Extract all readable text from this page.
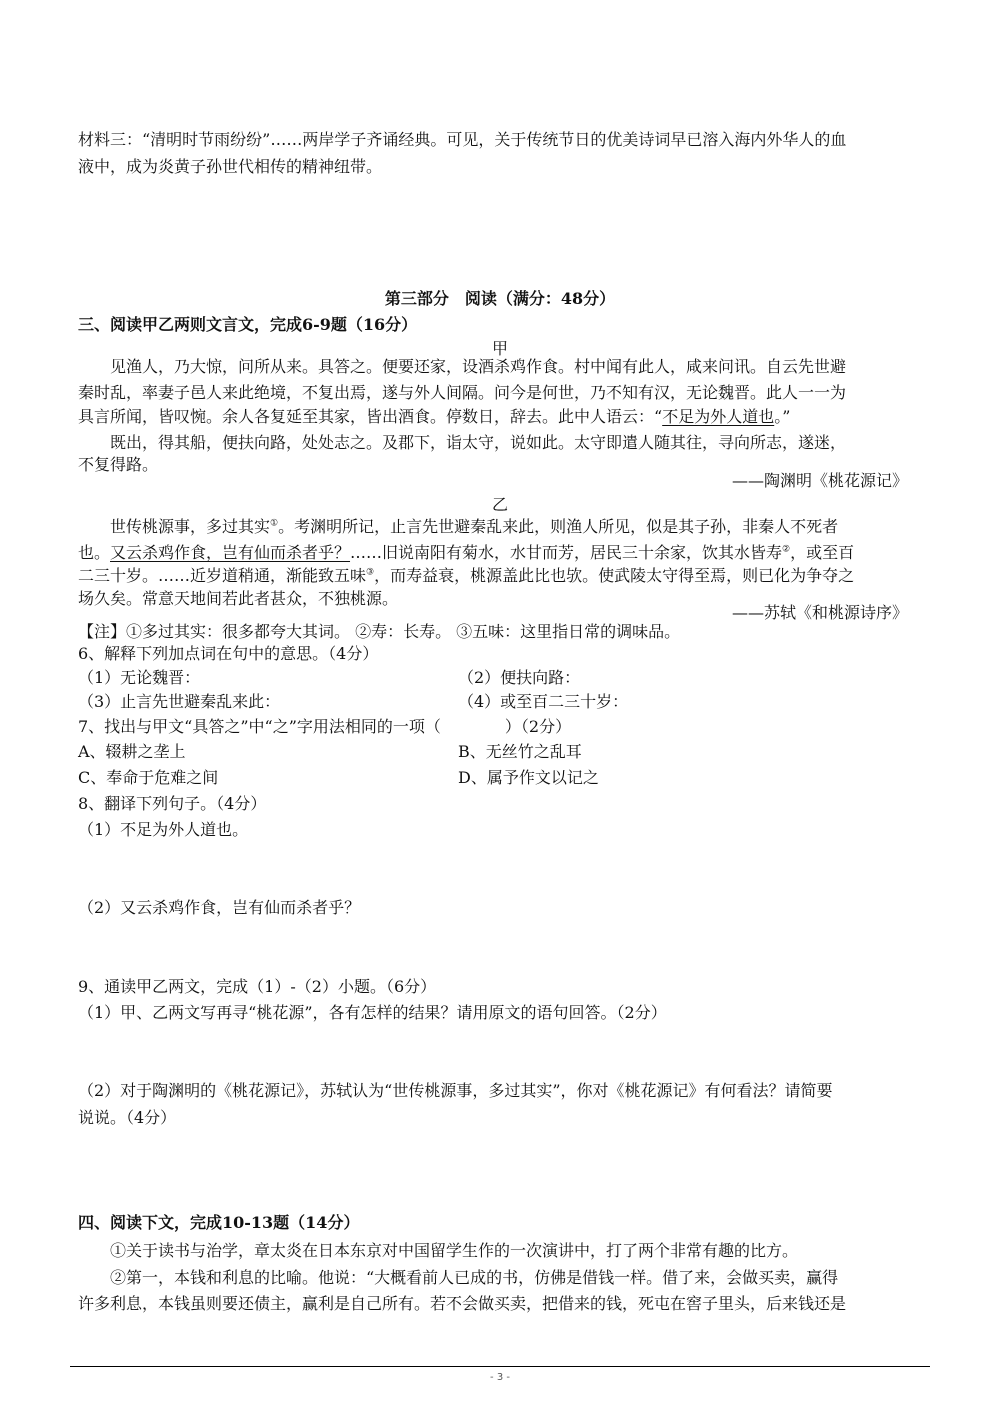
材料三：“清明时节雨纷纷”……两岸学子齐诵经典。可见，关于传统节日的优美诗词早已溶入海内外华人的血
液中，成为炎黄子孙世代相传的精神纽带。
第三部分　阅读（满分：48分）
三、阅读甲乙两则文言文，完成6-9题（16分）
甲
见渔人，乃大惊，问所从来。具答之。便要还家，设酒杀鸡作食。村中闻有此人，咸来问讯。自云先世避
秦时乱，率妻子邑人来此绝境，不复出焉，遂与外人间隔。问今是何世，乃不知有汉，无论魏晋。此人一一为
具言所闻，皆叹惋。余人各复延至其家，皆出酒食。停数日，辞去。此中人语云：“不足为外人道也。”
既出，得其船，便扶向路，处处志之。及郡下，诣太守，说如此。太守即遣人随其往，寻向所志，遂迷，
不复得路。
——陶渊明《桃花源记》
乙
世传桃源事，多过其实①。考渊明所记，止言先世避秦乱来此，则渔人所见，似是其子孙，非秦人不死者
也。又云杀鸡作食，岂有仙而杀者乎？……旧说南阳有菊水，水甘而芳，居民三十余家，饮其水皆寿②，或至百
二三十岁。……近岁道稍通，渐能致五味③，而寿益衰，桃源盖此比也欤。使武陵太守得至焉，则已化为争夺之
场久矣。常意天地间若此者甚众，不独桃源。
——苏轼《和桃源诗序》
【注】①多过其实：很多都夸大其词。 ②寿：长寿。 ③五味：这里指日常的调味品。
6、解释下列加点词在句中的意思。（4分）
（1）无论魏晋：	（2）便扶向路：
（3）止言先世避秦乱来此：	（4）或至百二三十岁：
7、找出与甲文“具答之”中“之”字用法相同的一项（　　　　）（2分）
A、辍耕之垄上	B、无丝竹之乱耳
C、奉命于危难之间	D、属予作文以记之
8、翻译下列句子。（4分）
（1）不足为外人道也。
（2）又云杀鸡作食，岂有仙而杀者乎？
9、通读甲乙两文，完成（1）-（2）小题。（6分）
（1）甲、乙两文写再寻“桃花源”，各有怎样的结果？请用原文的语句回答。（2分）
（2）对于陶渊明的《桃花源记》，苏轼认为“世传桃源事，多过其实”，你对《桃花源记》有何看法？请简要
说说。（4分）
四、阅读下文，完成10-13题（14分）
①关于读书与治学，章太炎在日本东京对中国留学生作的一次演讲中，打了两个非常有趣的比方。
②第一，本钱和利息的比喻。他说：“大概看前人已成的书，仿佛是借钱一样。借了来，会做买卖，赢得
许多利息，本钱虽则要还债主，赢利是自己所有。若不会做买卖，把借来的钱，死屯在窖子里头，后来钱还是
- 3 -
